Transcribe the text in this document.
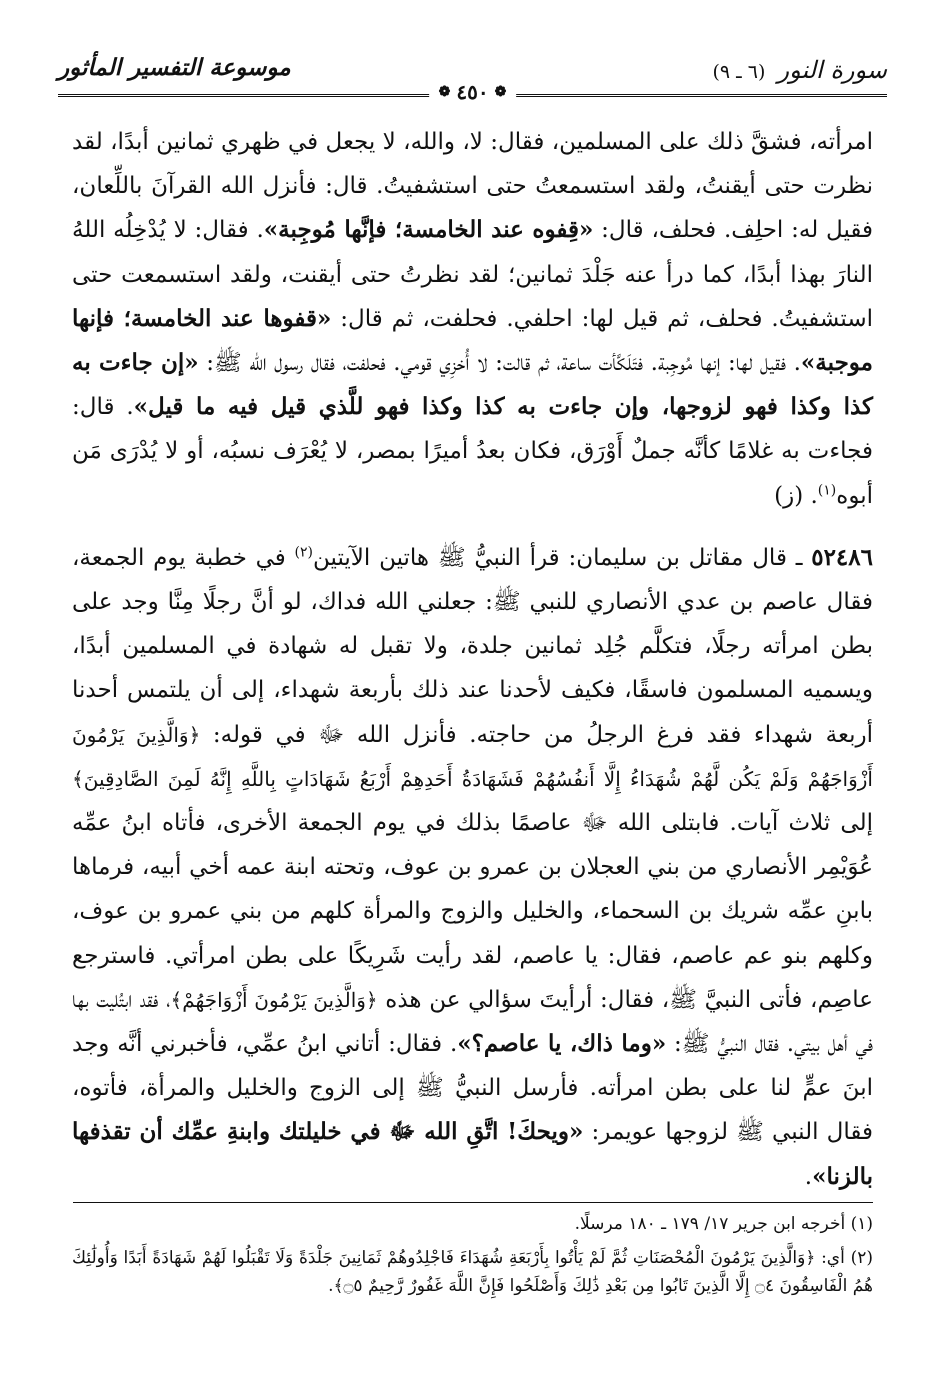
سورة النور (٦ ـ ٩)
موسوعة التفسير المأثور
❁
٤٥٠
❁

امرأته، فشقَّ ذلك على المسلمين، فقال: لا، والله، لا يجعل في ظهري ثمانين أبدًا، لقد نظرت حتى أيقنتُ، ولقد استسمعتُ حتى استشفيتُ. قال: فأنزل الله القرآنَ باللِّعان، فقيل له: احلِف. فحلف، قال: «قِفوه عند الخامسة؛ فإنَّها مُوجِبة». فقال: لا يُدْخِلُه اللهُ النارَ بهذا أبدًا، كما درأ عنه جَلْدَ ثمانين؛ لقد نظرتُ حتى أيقنت، ولقد استسمعت حتى استشفيتُ. فحلف، ثم قيل لها: احلفي. فحلفت، ثم قال: «قفوها عند الخامسة؛ فإنها موجبة». فقيل لها: إنها مُوجِبة. فتَلَكَّأت ساعة، ثم قالت: لا أُخزِي قومي. فحلفت، فقال رسول الله ﷺ: «إن جاءت به كذا وكذا فهو لزوجها، وإن جاءت به كذا وكذا فهو للَّذي قيل فيه ما قيل». قال: فجاءت به غلامًا كأنَّه جملٌ أَوْرَق، فكان بعدُ أميرًا بمصر، لا يُعْرَف نسبُه، أو لا يُدْرَى مَن أبوه$^{(١)}$. (ز)

٥٢٤٨٦ ـ قال مقاتل بن سليمان: قرأ النبيُّ ﷺ هاتين الآيتين$^{(٢)}$ في خطبة يوم الجمعة، فقال عاصم بن عدي الأنصاري للنبي ﷺ: جعلني الله فداك، لو أنَّ رجلًا مِنَّا وجد على بطن امرأته رجلًا، فتكلَّم جُلِد ثمانين جلدة، ولا تقبل له شهادة في المسلمين أبدًا، ويسميه المسلمون فاسقًا، فكيف لأحدنا عند ذلك بأربعة شهداء، إلى أن يلتمس أحدنا أربعة شهداء فقد فرغ الرجلُ من حاجته. فأنزل الله ﷻ في قوله: ﴿وَالَّذِينَ يَرْمُونَ أَزْوَاجَهُمْ وَلَمْ يَكُن لَّهُمْ شُهَدَاءُ إِلَّا أَنفُسُهُمْ فَشَهَادَةُ أَحَدِهِمْ أَرْبَعُ شَهَادَاتٍ بِاللَّهِ إِنَّهُ لَمِنَ الصَّادِقِينَ﴾ إلى ثلاث آيات. فابتلى الله ﷻ عاصمًا بذلك في يوم الجمعة الأخرى، فأتاه ابنُ عمِّه عُوَيْمِر الأنصاري من بني العجلان بن عمرو بن عوف، وتحته ابنة عمه أخي أبيه، فرماها بابنِ عمِّه شريك بن السحماء، والخليل والزوج والمرأة كلهم من بني عمرو بن عوف، وكلهم بنو عم عاصم، فقال: يا عاصم، لقد رأيت شَرِيكًا على بطن امرأتي. فاسترجع عاصِم، فأتى النبيَّ ﷺ، فقال: أرأيتَ سؤالي عن هذه ﴿وَالَّذِينَ يَرْمُونَ أَزْوَاجَهُمْ﴾، فقد ابتُليت بها في أهل بيتي. فقال النبيُّ ﷺ: «وما ذاك، يا عاصم؟». فقال: أتاني ابنُ عمِّي، فأخبرني أنَّه وجد ابنَ عمٍّ لنا على بطن امرأته. فأرسل النبيُّ ﷺ إلى الزوج والخليل والمرأة، فأتوه، فقال النبي ﷺ لزوجها عويمر: «ويحكَ! اتَّقِ الله ﷻ في خليلتك وابنةِ عمِّك أن تقذفها بالزنا».

(١) أخرجه ابن جرير ١٧/ ١٧٩ ـ ١٨٠ مرسلًا.

(٢) أي: ﴿وَالَّذِينَ يَرْمُونَ الْمُحْصَنَاتِ ثُمَّ لَمْ يَأْتُوا بِأَرْبَعَةِ شُهَدَاءَ فَاجْلِدُوهُمْ ثَمَانِينَ جَلْدَةً وَلَا تَقْبَلُوا لَهُمْ شَهَادَةً أَبَدًا وَأُولَٰئِكَ هُمُ الْفَاسِقُونَ ۝٤ إِلَّا الَّذِينَ تَابُوا مِن بَعْدِ ذَٰلِكَ وَأَصْلَحُوا فَإِنَّ اللَّهَ غَفُورٌ رَّحِيمٌ ۝٥﴾.
